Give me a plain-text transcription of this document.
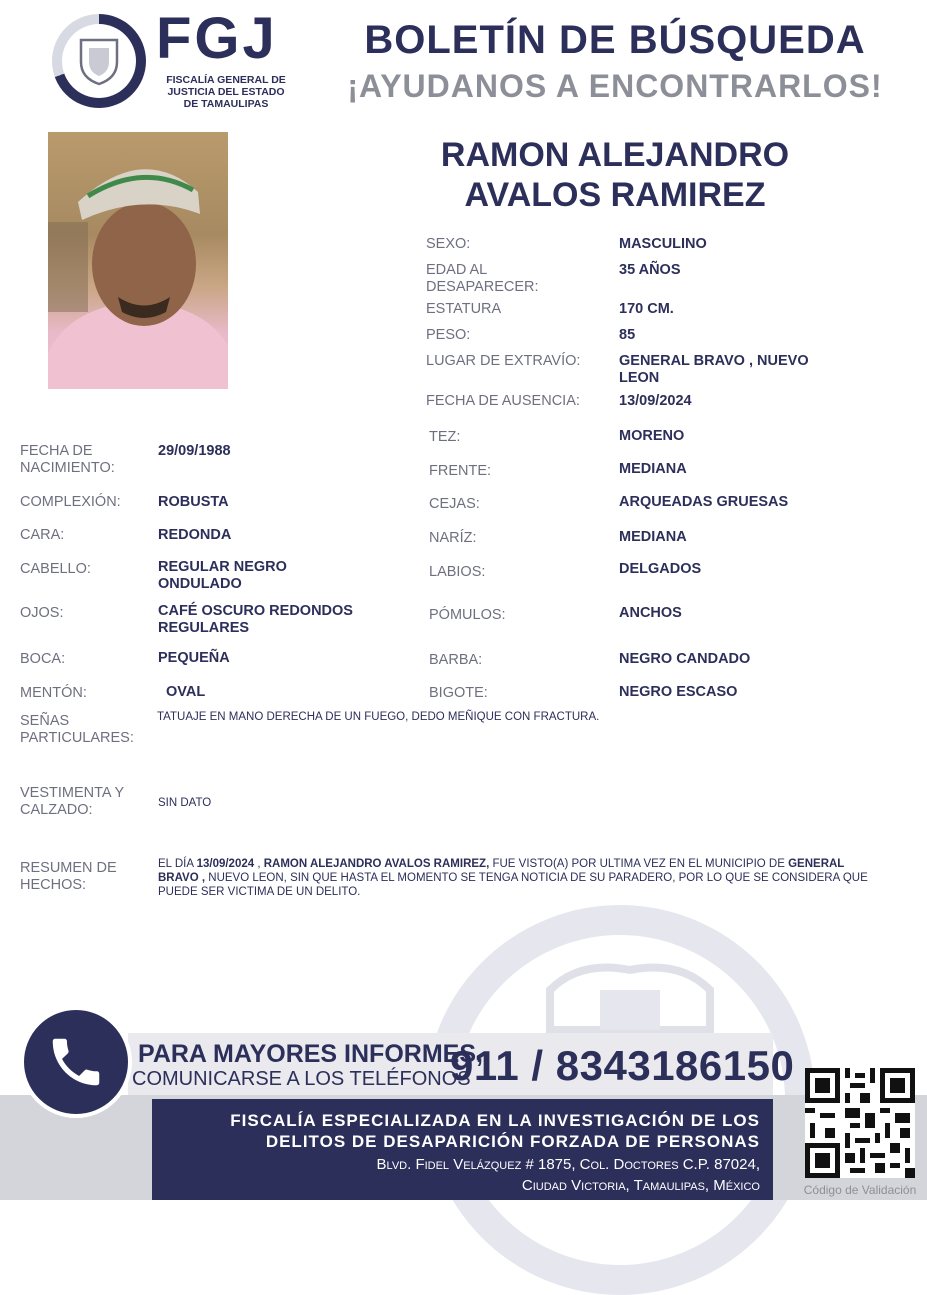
FGJ
FISCALÍA GENERAL DE
JUSTICIA DEL ESTADO
DE TAMAULIPAS
BOLETÍN DE BÚSQUEDA
¡AYUDANOS A ENCONTRARLOS!
RAMON ALEJANDRO
AVALOS RAMIREZ
SEXO:	MASCULINO
EDAD AL
DESAPARECER:
35 AÑOS
ESTATURA	170 CM.
PESO:	85
LUGAR DE EXTRAVÍO:	GENERAL BRAVO , NUEVO
LEON
FECHA DE AUSENCIA:	13/09/2024
FECHA DE
NACIMIENTO:
29/09/1988
COMPLEXIÓN:	ROBUSTA
CARA:	REDONDA
CABELLO:	REGULAR NEGRO
ONDULADO
OJOS:	CAFÉ OSCURO REDONDOS
REGULARES
BOCA:	PEQUEÑA
MENTÓN:	OVAL
TEZ:	MORENO
FRENTE:	MEDIANA
CEJAS:	ARQUEADAS GRUESAS
NARÍZ:	MEDIANA
LABIOS:	DELGADOS
PÓMULOS:	ANCHOS
BARBA:	NEGRO CANDADO
BIGOTE:	NEGRO ESCASO
SEÑAS
PARTICULARES:
TATUAJE EN MANO DERECHA DE UN FUEGO, DEDO MEÑIQUE CON FRACTURA.
VESTIMENTA Y
CALZADO:	SIN DATO
RESUMEN DE
HECHOS:
EL DÍA 13/09/2024 , RAMON ALEJANDRO AVALOS RAMIREZ, FUE VISTO(A) POR ULTIMA VEZ EN EL MUNICIPIO DE GENERAL BRAVO , NUEVO LEON, SIN QUE HASTA EL MOMENTO SE TENGA NOTICIA DE SU PARADERO, POR LO QUE SE CONSIDERA QUE PUEDE SER VICTIMA DE UN DELITO.
PARA MAYORES INFORMES,
COMUNICARSE A LOS TELÉFONOS
911 / 8343186150
FISCALÍA ESPECIALIZADA EN LA INVESTIGACIÓN DE LOS
DELITOS DE DESAPARICIÓN FORZADA DE PERSONAS
Blvd. Fidel Velázquez # 1875, Col. Doctores C.P. 87024,
Ciudad Victoria, Tamaulipas, México	Código de Validación
